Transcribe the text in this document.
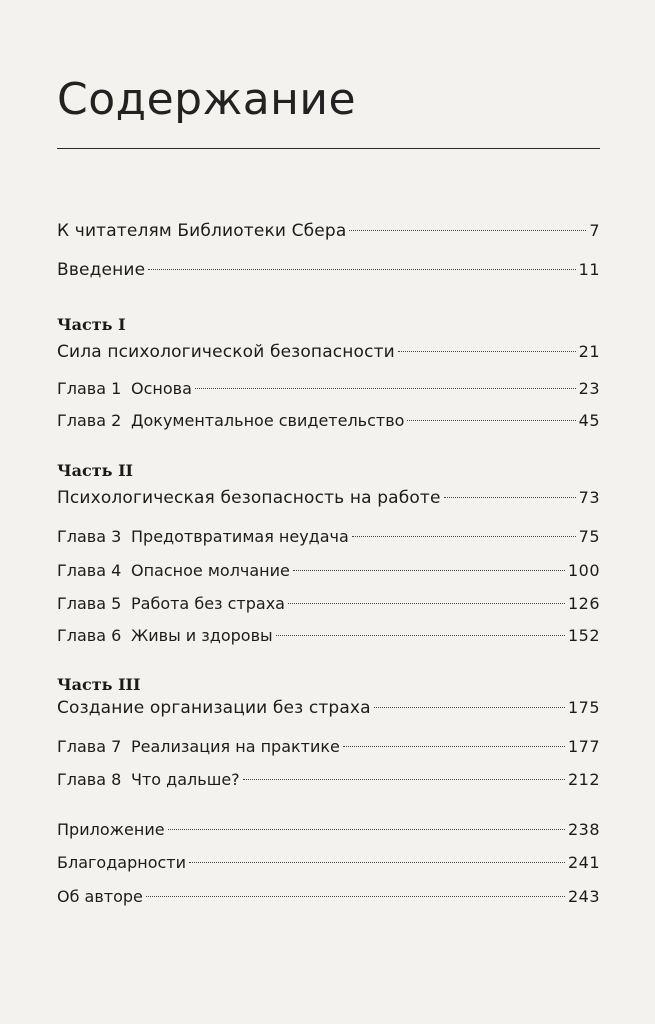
Содержание
К читателям Библиотеки Сбера	7
Введение	11
Часть I
Сила психологической безопасности	21
Глава 1 Основа	23
Глава 2 Документальное свидетельство	45
Часть II
Психологическая безопасность на работе	73
Глава 3 Предотвратимая неудача	75
Глава 4 Опасное молчание	100
Глава 5 Работа без страха	126
Глава 6 Живы и здоровы	152
Часть III
Создание организации без страха	175
Глава 7 Реализация на практике	177
Глава 8 Что дальше?	212
Приложение	238
Благодарности	241
Об авторе	243
